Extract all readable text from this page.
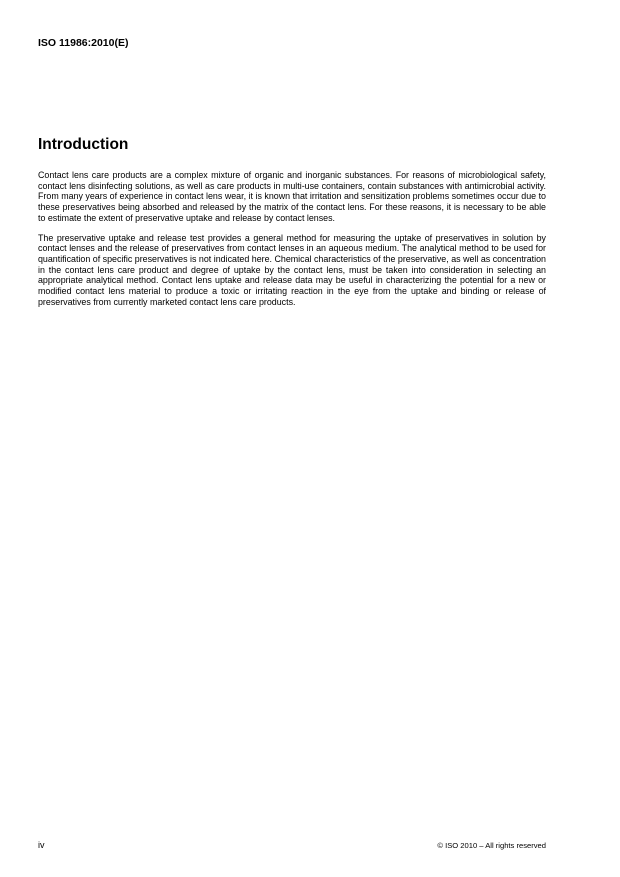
ISO 11986:2010(E)
Introduction

Contact lens care products are a complex mixture of organic and inorganic substances. For reasons of microbiological safety, contact lens disinfecting solutions, as well as care products in multi-use containers, contain substances with antimicrobial activity. From many years of experience in contact lens wear, it is known that irritation and sensitization problems sometimes occur due to these preservatives being absorbed and released by the matrix of the contact lens. For these reasons, it is necessary to be able to estimate the extent of preservative uptake and release by contact lenses.

The preservative uptake and release test provides a general method for measuring the uptake of preservatives in solution by contact lenses and the release of preservatives from contact lenses in an aqueous medium. The analytical method to be used for quantification of specific preservatives is not indicated here. Chemical characteristics of the preservative, as well as concentration in the contact lens care product and degree of uptake by the contact lens, must be taken into consideration in selecting an appropriate analytical method. Contact lens uptake and release data may be useful in characterizing the potential for a new or modified contact lens material to produce a toxic or irritating reaction in the eye from the uptake and binding or release of preservatives from currently marketed contact lens care products.

iv	© ISO 2010 – All rights reserved
